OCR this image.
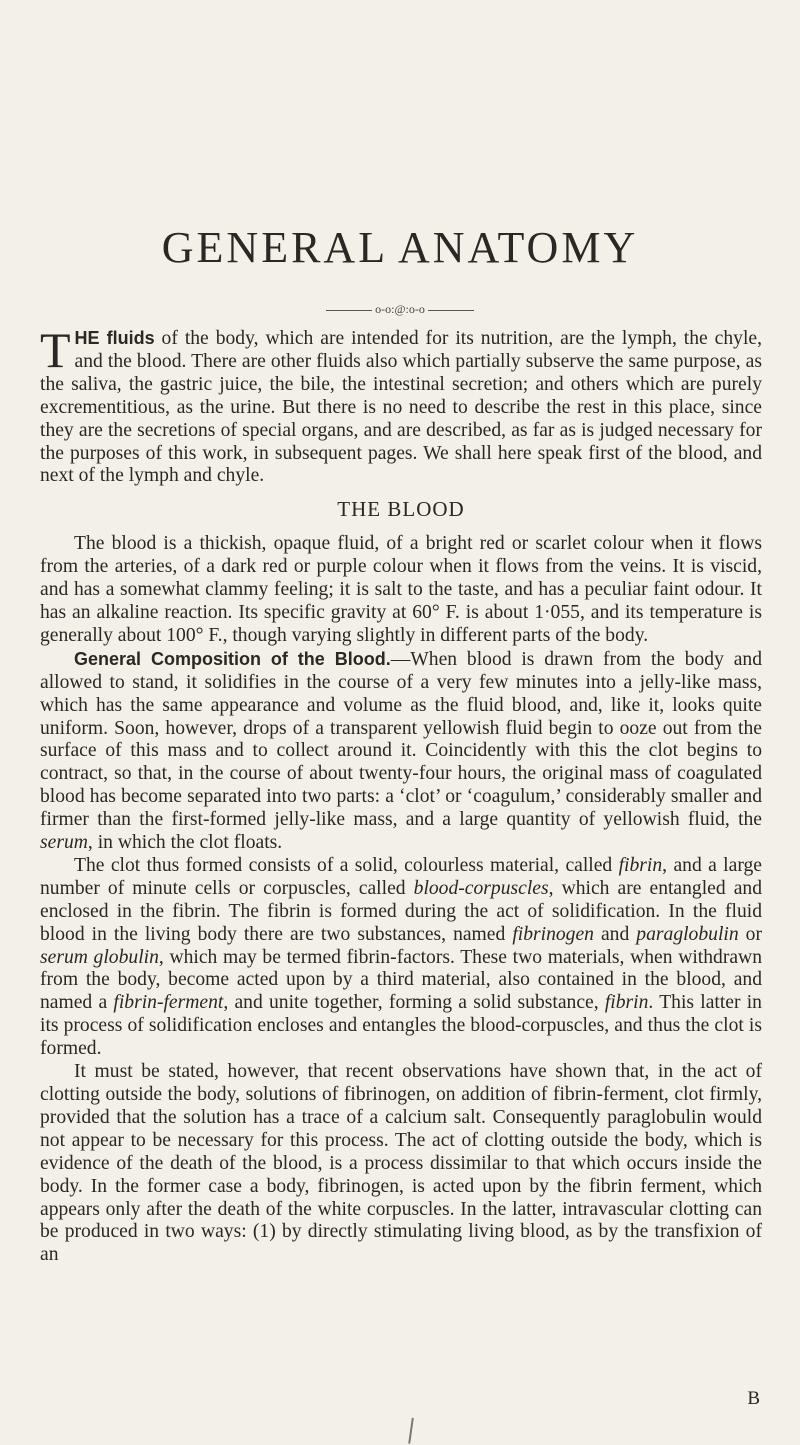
GENERAL ANATOMY
o-o:@:o-o

THE fluids of the body, which are intended for its nutrition, are the lymph, the chyle, and the blood. There are other fluids also which partially subserve the same purpose, as the saliva, the gastric juice, the bile, the intestinal secretion; and others which are purely excrementitious, as the urine. But there is no need to describe the rest in this place, since they are the secretions of special organs, and are described, as far as is judged necessary for the purposes of this work, in subsequent pages. We shall here speak first of the blood, and next of the lymph and chyle.

THE BLOOD

The blood is a thickish, opaque fluid, of a bright red or scarlet colour when it flows from the arteries, of a dark red or purple colour when it flows from the veins. It is viscid, and has a somewhat clammy feeling; it is salt to the taste, and has a peculiar faint odour. It has an alkaline reaction. Its specific gravity at 60° F. is about 1·055, and its temperature is generally about 100° F., though varying slightly in different parts of the body.

General Composition of the Blood.—When blood is drawn from the body and allowed to stand, it solidifies in the course of a very few minutes into a jelly-like mass, which has the same appearance and volume as the fluid blood, and, like it, looks quite uniform. Soon, however, drops of a transparent yellowish fluid begin to ooze out from the surface of this mass and to collect around it. Coincidently with this the clot begins to contract, so that, in the course of about twenty-four hours, the original mass of coagulated blood has become separated into two parts: a ‘clot’ or ‘coagulum,’ considerably smaller and firmer than the first-formed jelly-like mass, and a large quantity of yellowish fluid, the serum, in which the clot floats.

The clot thus formed consists of a solid, colourless material, called fibrin, and a large number of minute cells or corpuscles, called blood-corpuscles, which are entangled and enclosed in the fibrin. The fibrin is formed during the act of solidification. In the fluid blood in the living body there are two substances, named fibrinogen and paraglobulin or serum globulin, which may be termed fibrin-factors. These two materials, when withdrawn from the body, become acted upon by a third material, also contained in the blood, and named a fibrin-ferment, and unite together, forming a solid substance, fibrin. This latter in its process of solidification encloses and entangles the blood-corpuscles, and thus the clot is formed.

It must be stated, however, that recent observations have shown that, in the act of clotting outside the body, solutions of fibrinogen, on addition of fibrin-ferment, clot firmly, provided that the solution has a trace of a calcium salt. Consequently paraglobulin would not appear to be necessary for this process. The act of clotting outside the body, which is evidence of the death of the blood, is a process dissimilar to that which occurs inside the body. In the former case a body, fibrinogen, is acted upon by the fibrin ferment, which appears only after the death of the white corpuscles. In the latter, intravascular clotting can be produced in two ways: (1) by directly stimulating living blood, as by the transfixion of an

B
